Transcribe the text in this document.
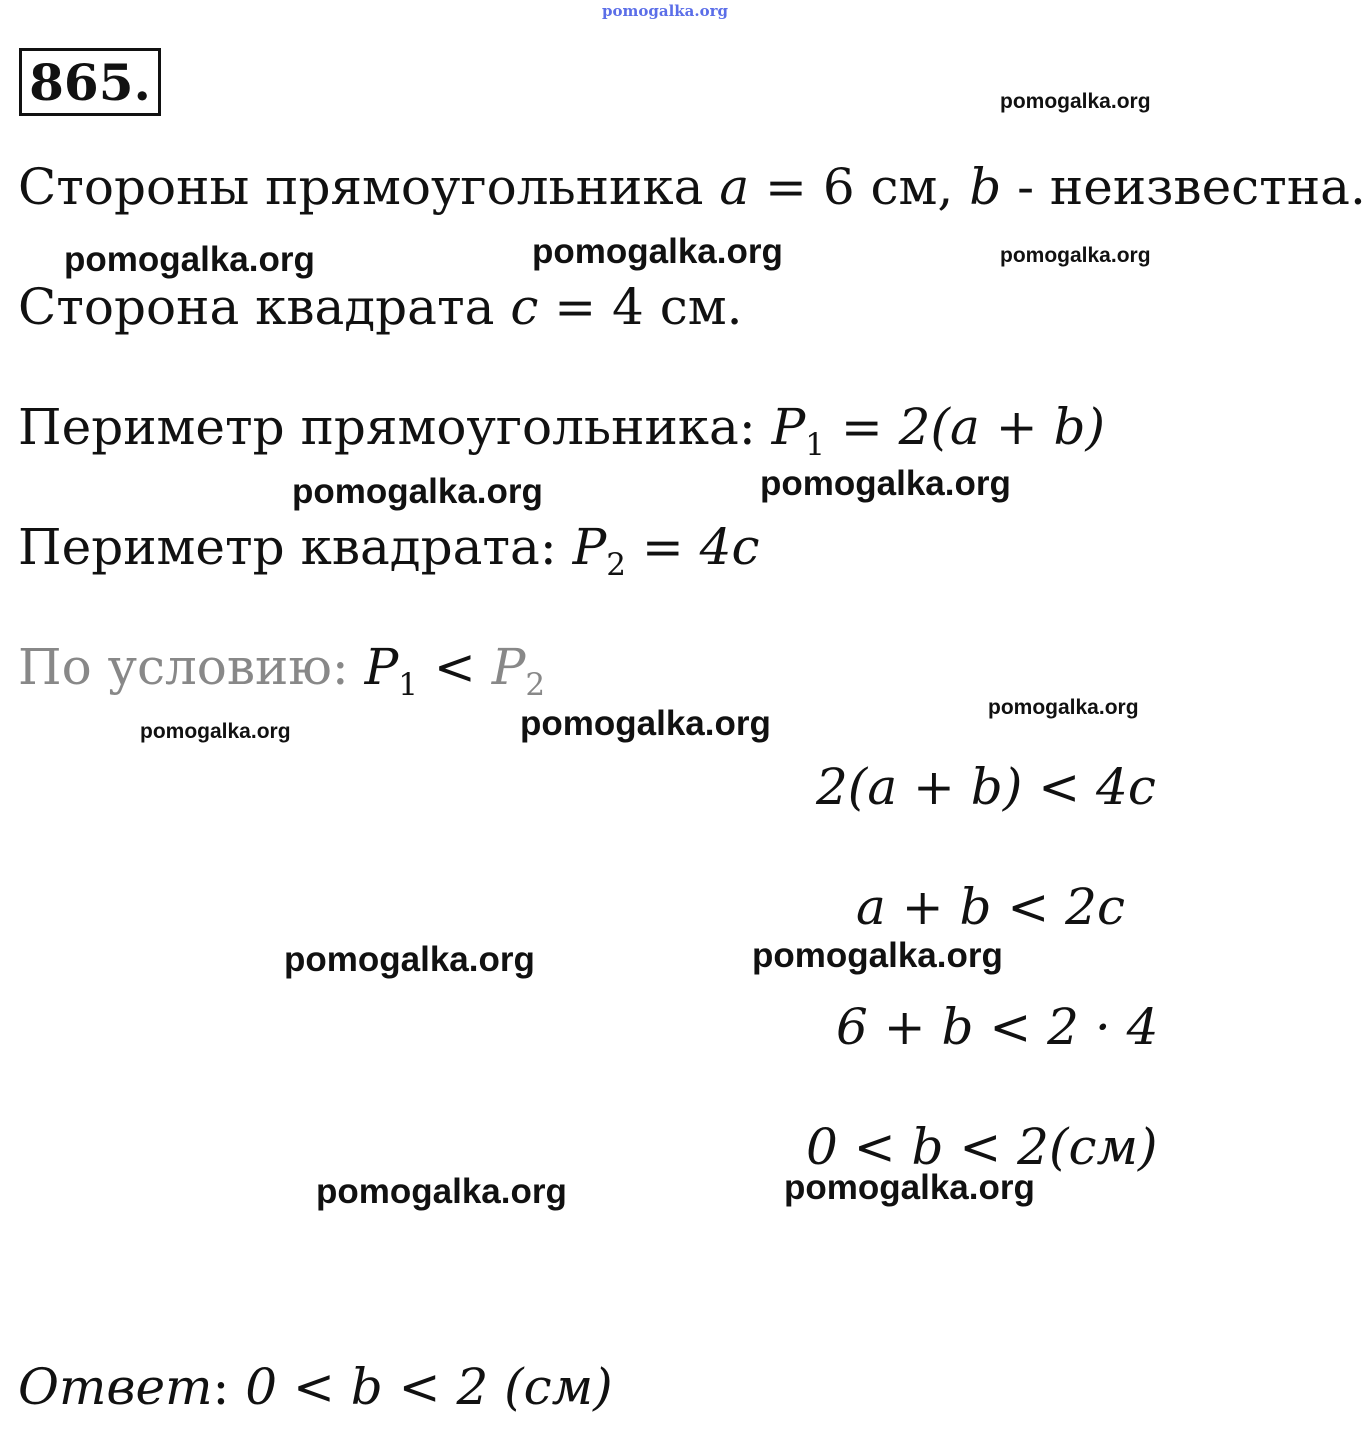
pomogalka.org
865.	pomogalka.org
pomogalka.org	pomogalka.org	pomogalka.org
pomogalka.org	pomogalka.org
pomogalka.org
pomogalka.org
pomogalka.org
pomogalka.org	pomogalka.org
pomogalka.org	pomogalka.org
Стороны прямоугольника a = 6 см, b - неизвестна.
Сторона квадрата c = 4 см.
Периметр прямоугольника: $P_1 = 2(a + b)$
Периметр квадрата: $P_2 = 4c$
По условию: $P_1 < P_2$
2(a + b) < 4c
a + b < 2c
6 + b < 2 · 4
0 < b < 2(см)
Ответ: 0 < b < 2 (см)
